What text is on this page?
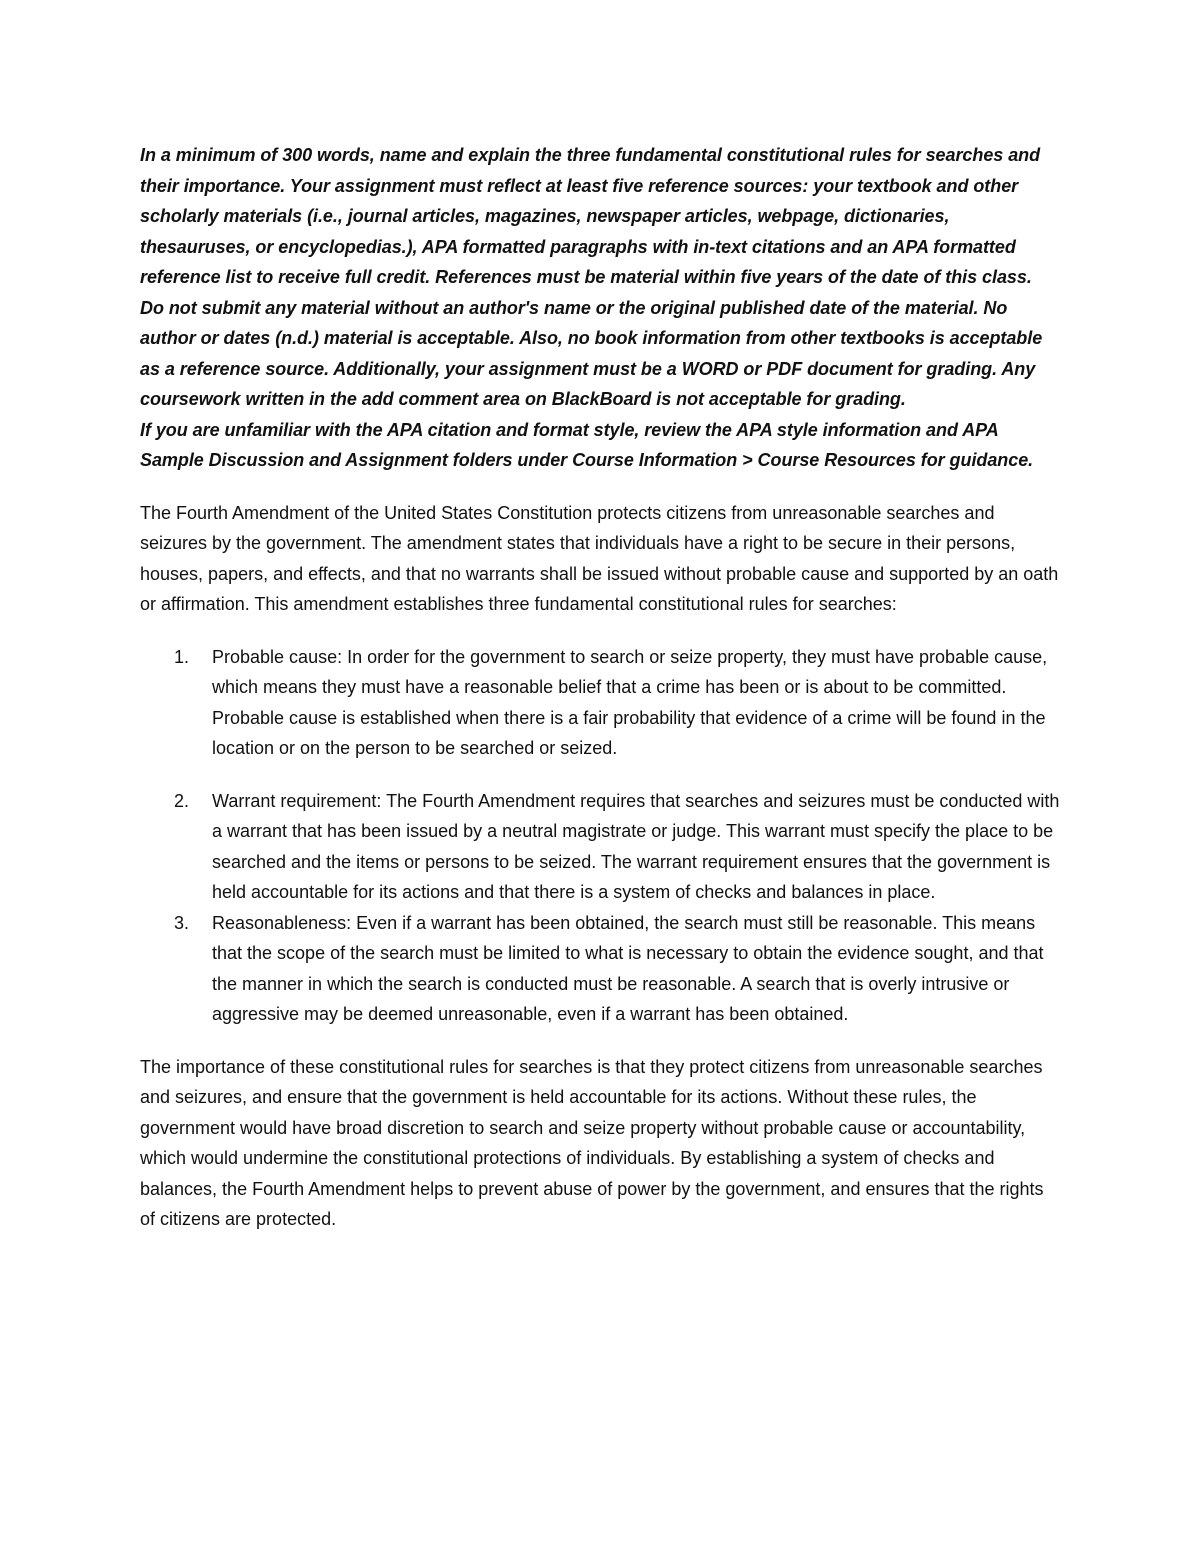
In a minimum of 300 words, name and explain the three fundamental constitutional rules for searches and their importance. Your assignment must reflect at least five reference sources: your textbook and other scholarly materials (i.e., journal articles, magazines, newspaper articles, webpage, dictionaries, thesauruses, or encyclopedias.), APA formatted paragraphs with in-text citations and an APA formatted reference list to receive full credit. References must be material within five years of the date of this class.

Do not submit any material without an author's name or the original published date of the material. No author or dates (n.d.) material is acceptable. Also, no book information from other textbooks is acceptable as a reference source. Additionally, your assignment must be a WORD or PDF document for grading. Any coursework written in the add comment area on BlackBoard is not acceptable for grading.

If you are unfamiliar with the APA citation and format style, review the APA style information and APA Sample Discussion and Assignment folders under Course Information > Course Resources for guidance.

The Fourth Amendment of the United States Constitution protects citizens from unreasonable searches and seizures by the government. The amendment states that individuals have a right to be secure in their persons, houses, papers, and effects, and that no warrants shall be issued without probable cause and supported by an oath or affirmation. This amendment establishes three fundamental constitutional rules for searches:

1.	Probable cause: In order for the government to search or seize property, they must have probable cause, which means they must have a reasonable belief that a crime has been or is about to be committed. Probable cause is established when there is a fair probability that evidence of a crime will be found in the location or on the person to be searched or seized.
2.	Warrant requirement: The Fourth Amendment requires that searches and seizures must be conducted with a warrant that has been issued by a neutral magistrate or judge. This warrant must specify the place to be searched and the items or persons to be seized. The warrant requirement ensures that the government is held accountable for its actions and that there is a system of checks and balances in place.
3.	Reasonableness: Even if a warrant has been obtained, the search must still be reasonable. This means that the scope of the search must be limited to what is necessary to obtain the evidence sought, and that the manner in which the search is conducted must be reasonable. A search that is overly intrusive or aggressive may be deemed unreasonable, even if a warrant has been obtained.

The importance of these constitutional rules for searches is that they protect citizens from unreasonable searches and seizures, and ensure that the government is held accountable for its actions. Without these rules, the government would have broad discretion to search and seize property without probable cause or accountability, which would undermine the constitutional protections of individuals. By establishing a system of checks and balances, the Fourth Amendment helps to prevent abuse of power by the government, and ensures that the rights of citizens are protected.
